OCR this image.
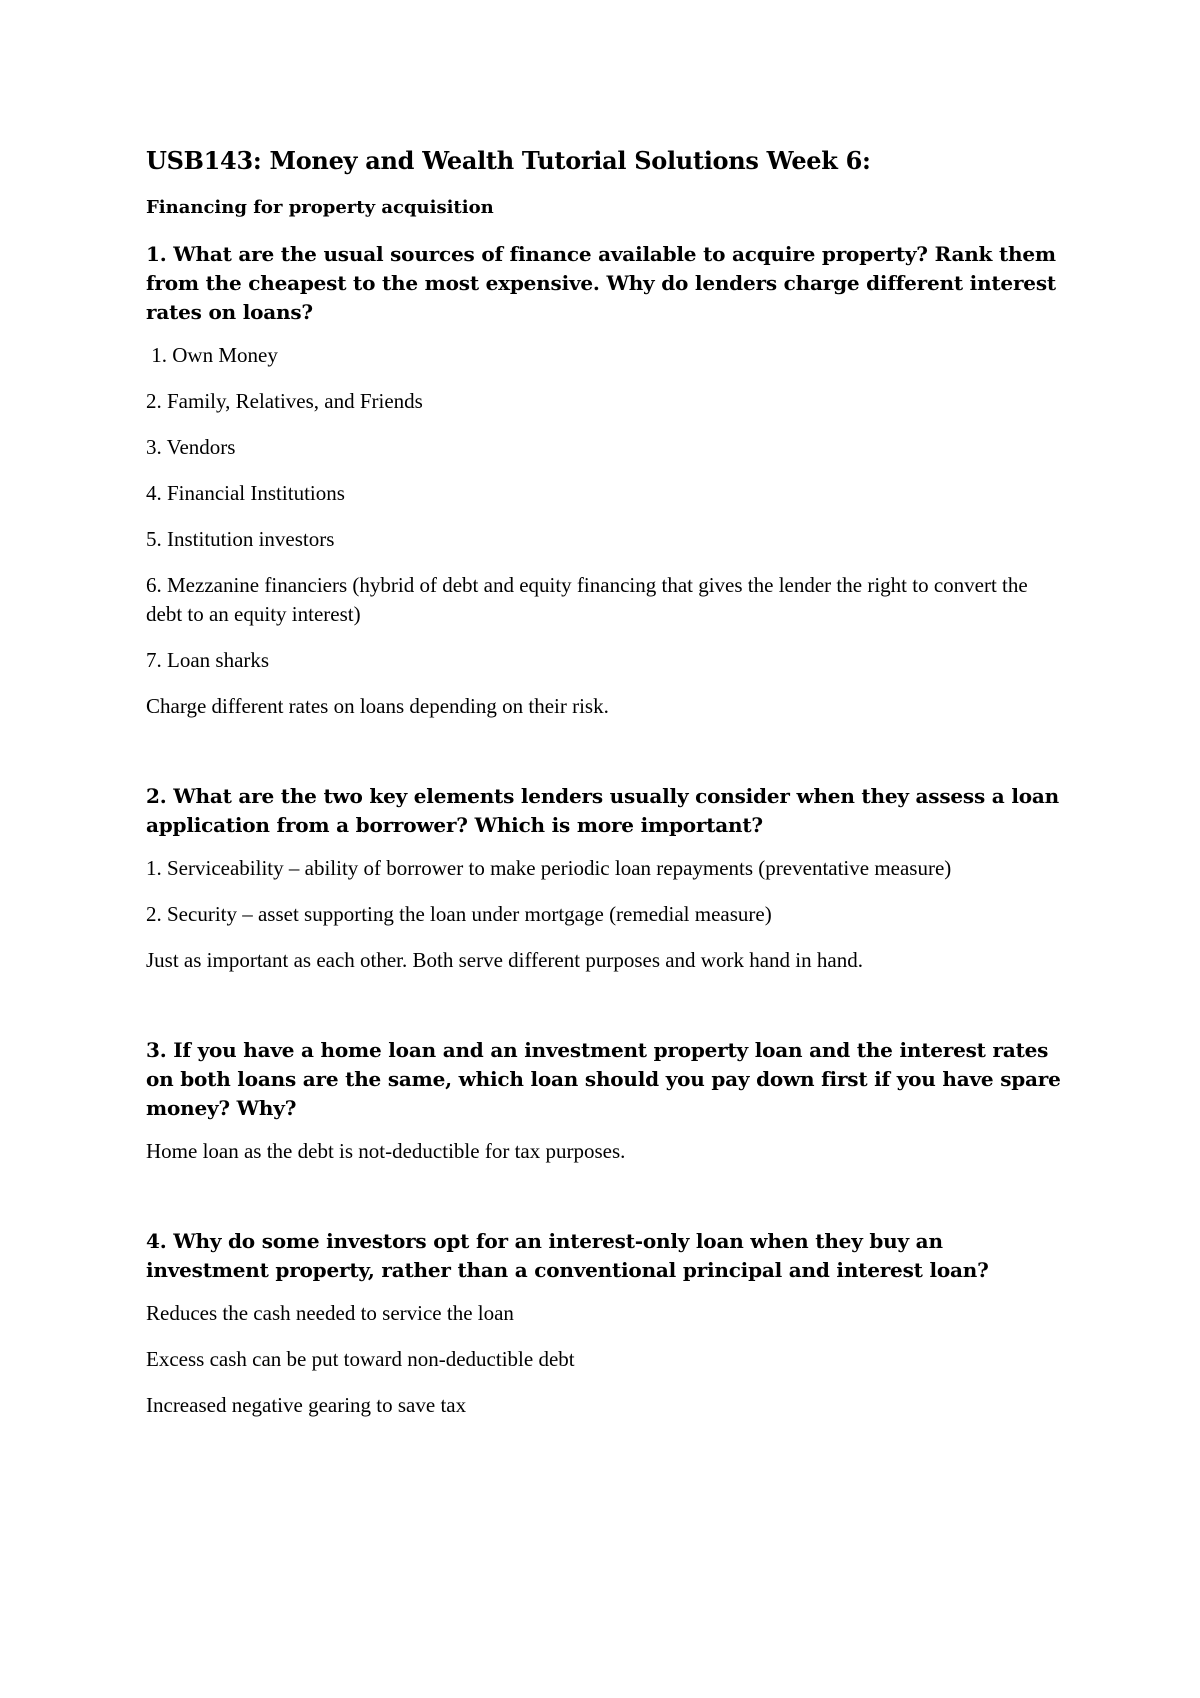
USB143: Money and Wealth Tutorial Solutions Week 6:
Financing for property acquisition
1. What are the usual sources of finance available to acquire property? Rank them from the cheapest to the most expensive. Why do lenders charge different interest rates on loans?
1. Own Money
2. Family, Relatives, and Friends
3. Vendors
4. Financial Institutions
5. Institution investors
6. Mezzanine financiers (hybrid of debt and equity financing that gives the lender the right to convert the debt to an equity interest)
7. Loan sharks
Charge different rates on loans depending on their risk.
2. What are the two key elements lenders usually consider when they assess a loan application from a borrower? Which is more important?
1. Serviceability – ability of borrower to make periodic loan repayments (preventative measure)
2. Security – asset supporting the loan under mortgage (remedial measure)
Just as important as each other. Both serve different purposes and work hand in hand.
3. If you have a home loan and an investment property loan and the interest rates on both loans are the same, which loan should you pay down first if you have spare money? Why?
Home loan as the debt is not-deductible for tax purposes.
4. Why do some investors opt for an interest-only loan when they buy an investment property, rather than a conventional principal and interest loan?
Reduces the cash needed to service the loan
Excess cash can be put toward non-deductible debt
Increased negative gearing to save tax
